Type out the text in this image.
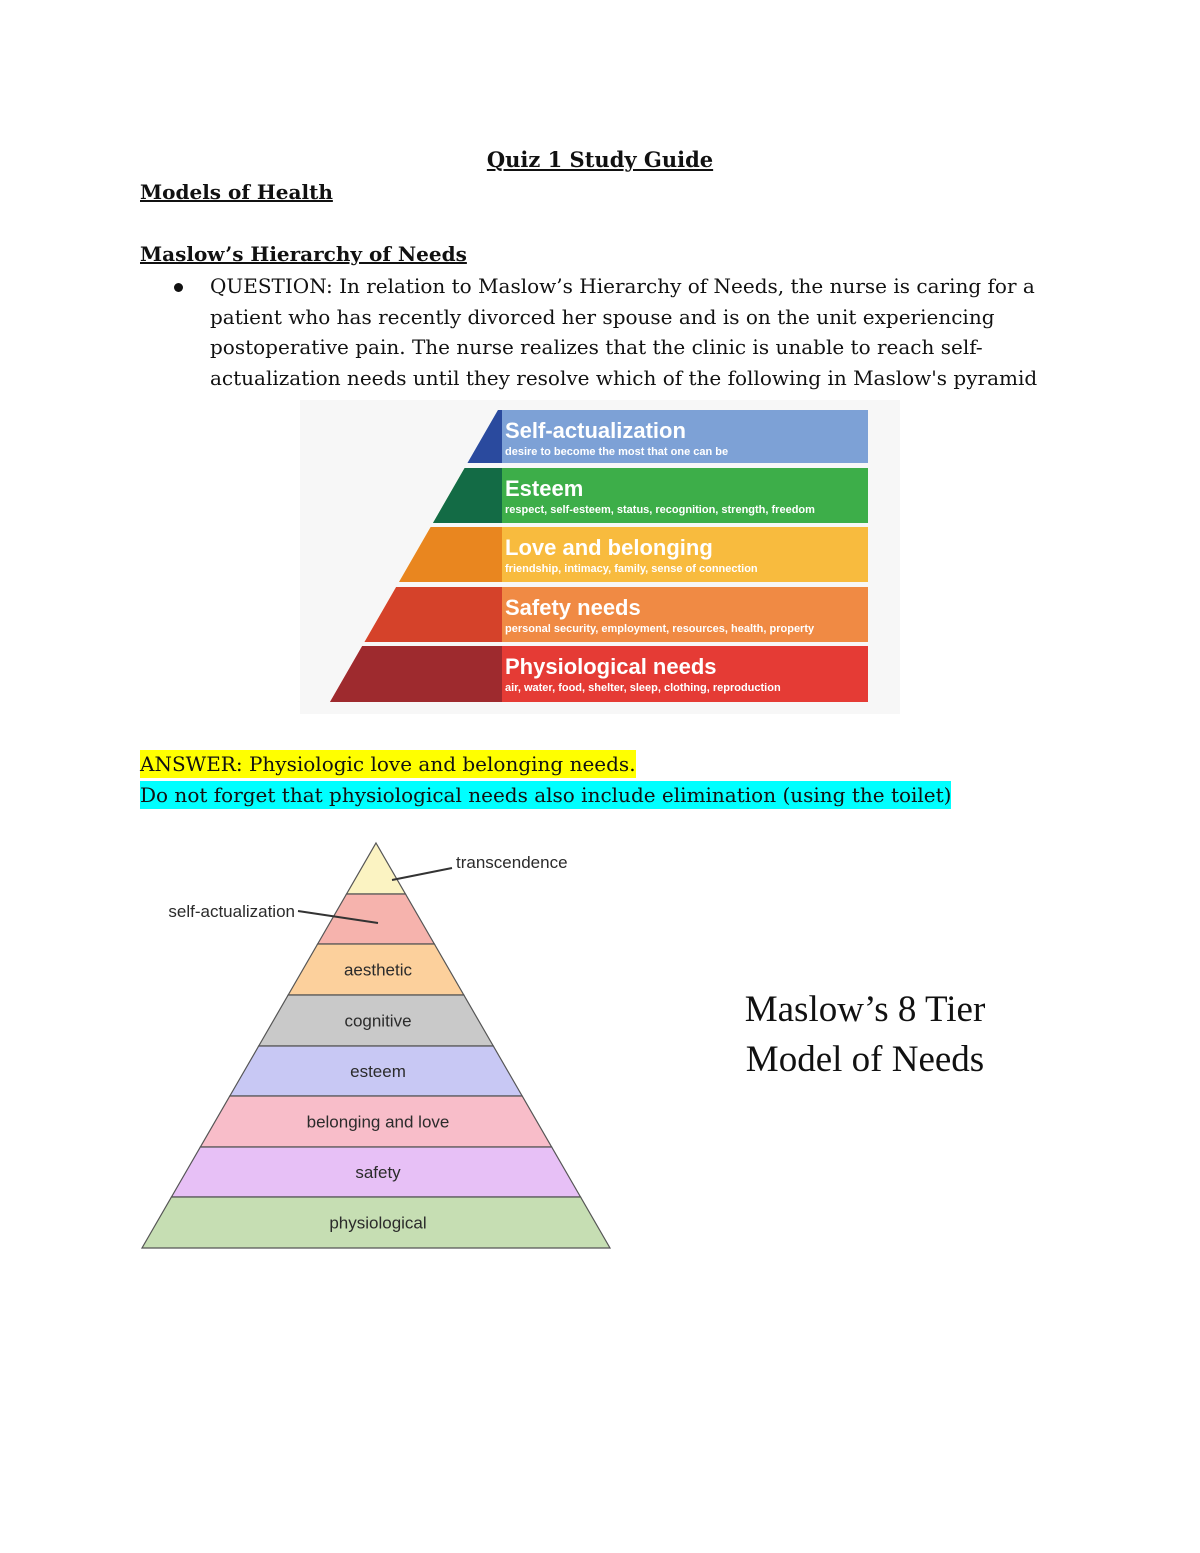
Quiz 1 Study Guide
Models of Health
Maslow’s Hierarchy of Needs
QUESTION: In relation to Maslow’s Hierarchy of Needs, the nurse is caring for a patient who has recently divorced her spouse and is on the unit experiencing postoperative pain. The nurse realizes that the clinic is unable to reach self-actualization needs until they resolve which of the following in Maslow's pyramid
Self-actualization
desire to become the most that one can be
Esteem
respect, self-esteem, status, recognition, strength, freedom
Love and belonging
friendship, intimacy, family, sense of connection
Safety needs
personal security, employment, resources, health, property
Physiological needs
air, water, food, shelter, sleep, clothing, reproduction
ANSWER: Physiologic love and belonging needs.
Do not forget that physiological needs also include elimination (using the toilet)
aesthetic
cognitive
esteem
belonging and love
safety
physiological
transcendence
self-actualization
Maslow’s 8 Tier
Model of Needs
